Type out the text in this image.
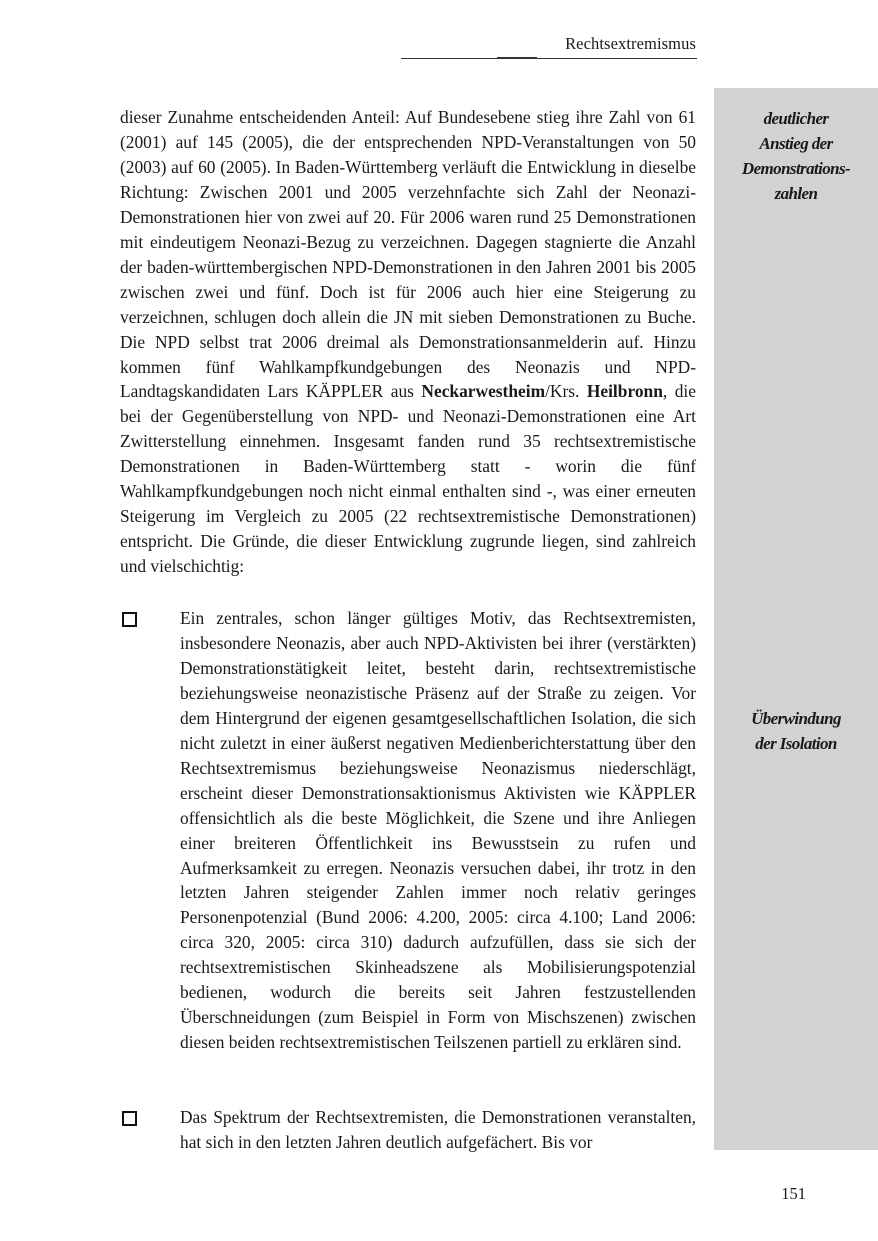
Rechtsextremismus
deutlicher
Anstieg der
Demonstrations-
zahlen
Überwindung
der Isolation
dieser Zunahme entscheidenden Anteil: Auf Bundesebene stieg ihre Zahl von 61 (2001) auf 145 (2005), die der entsprechenden NPD-Veranstaltungen von 50 (2003) auf 60 (2005). In Baden-Württemberg verläuft die Entwicklung in dieselbe Richtung: Zwischen 2001 und 2005 verzehnfachte sich Zahl der Neonazi-Demonstrationen hier von zwei auf 20. Für 2006 waren rund 25 Demonstrationen mit eindeutigem Neonazi-Bezug zu verzeichnen. Dagegen stagnierte die Anzahl der baden-württembergischen NPD-Demonstrationen in den Jahren 2001 bis 2005 zwischen zwei und fünf. Doch ist für 2006 auch hier eine Steigerung zu verzeichnen, schlugen doch allein die JN mit sieben Demonstrationen zu Buche. Die NPD selbst trat 2006 dreimal als Demonstrationsanmelderin auf. Hinzu kommen fünf Wahlkampfkundgebungen des Neonazis und NPD-Landtagskandidaten Lars KÄPPLER aus Neckarwestheim/Krs. Heilbronn, die bei der Gegenüberstellung von NPD- und Neonazi-Demonstrationen eine Art Zwitterstellung einnehmen. Insgesamt fanden rund 35 rechtsextremistische Demonstrationen in Baden-Württemberg statt - worin die fünf Wahlkampfkundgebungen noch nicht einmal enthalten sind -, was einer erneuten Steigerung im Vergleich zu 2005 (22 rechtsextremistische Demonstrationen) entspricht. Die Gründe, die dieser Entwicklung zugrunde liegen, sind zahlreich und vielschichtig:
Ein zentrales, schon länger gültiges Motiv, das Rechtsextremisten, insbesondere Neonazis, aber auch NPD-Aktivisten bei ihrer (verstärkten) Demonstrationstätigkeit leitet, besteht darin, rechtsextremistische beziehungsweise neonazistische Präsenz auf der Straße zu zeigen. Vor dem Hintergrund der eigenen gesamtgesellschaftlichen Isolation, die sich nicht zuletzt in einer äußerst negativen Medienberichterstattung über den Rechtsextremismus beziehungsweise Neonazismus niederschlägt, erscheint dieser Demonstrationsaktionismus Aktivisten wie KÄPPLER offensichtlich als die beste Möglichkeit, die Szene und ihre Anliegen einer breiteren Öffentlichkeit ins Bewusstsein zu rufen und Aufmerksamkeit zu erregen. Neonazis versuchen dabei, ihr trotz in den letzten Jahren steigender Zahlen immer noch relativ geringes Personenpotenzial (Bund 2006: 4.200, 2005: circa 4.100; Land 2006: circa 320, 2005: circa 310) dadurch aufzufüllen, dass sie sich der rechtsextremistischen Skinheadszene als Mobilisierungspotenzial bedienen, wodurch die bereits seit Jahren festzustellenden Überschneidungen (zum Beispiel in Form von Mischszenen) zwischen diesen beiden rechtsextremistischen Teilszenen partiell zu erklären sind.
Das Spektrum der Rechtsextremisten, die Demonstrationen veranstalten, hat sich in den letzten Jahren deutlich aufgefächert. Bis vor
151
